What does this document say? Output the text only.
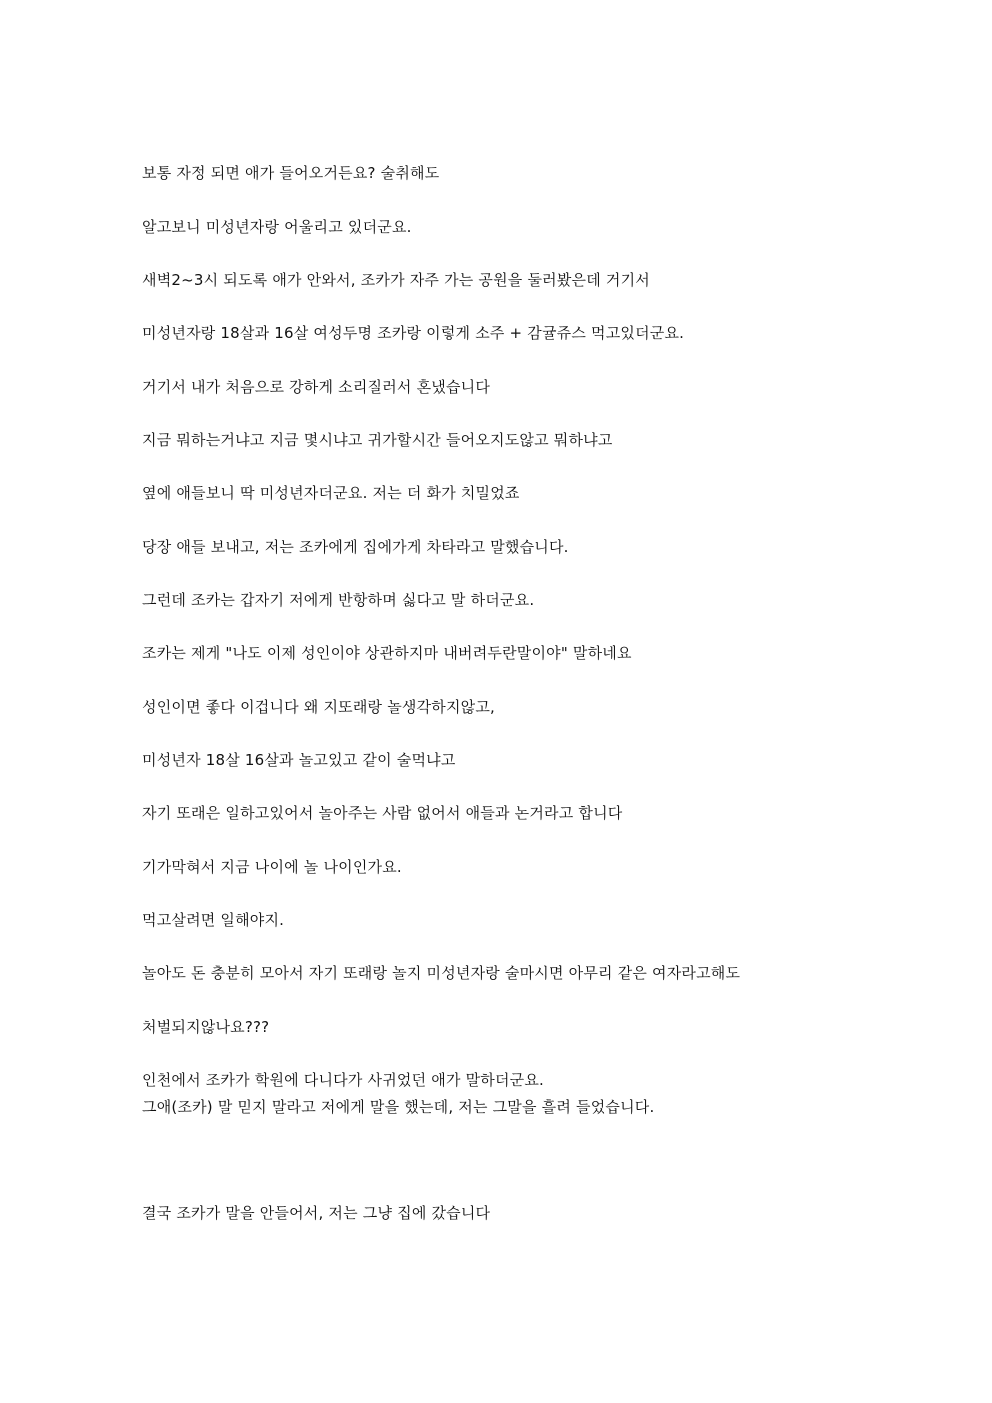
보통 자정 되면 애가 들어오거든요? 술취해도

알고보니 미성년자랑 어울리고 있더군요.

새벽2~3시 되도록 애가 안와서, 조카가 자주 가는 공원을 둘러봤은데 거기서

미성년자랑 18살과 16살 여성두명 조카랑 이렇게 소주 + 감귤쥬스 먹고있더군요.

거기서 내가 처음으로 강하게 소리질러서 혼냈습니다

지금 뭐하는거냐고 지금 몇시냐고 귀가할시간 들어오지도않고 뭐하냐고

옆에 애들보니 딱 미성년자더군요. 저는 더 화가 치밀었죠

당장 애들 보내고, 저는 조카에게 집에가게 차타라고 말했습니다.

그런데 조카는 갑자기 저에게 반항하며 싫다고 말 하더군요.

조카는 제게 "나도 이제 성인이야 상관하지마 내버려두란말이야" 말하네요

성인이면 좋다 이겁니다 왜 지또래랑 놀생각하지않고,

미성년자 18살 16살과 놀고있고 같이 술먹냐고

자기 또래은 일하고있어서 놀아주는 사람 없어서 애들과 논거라고 합니다

기가막혀서 지금 나이에 놀 나이인가요.

먹고살려면 일해야지.

놀아도 돈 충분히 모아서 자기 또래랑 놀지 미성년자랑 술마시면 아무리 같은 여자라고해도

처벌되지않나요???

인천에서 조카가 학원에 다니다가 사귀었던 애가 말하더군요.

그애(조카) 말 믿지 말라고 저에게 말을 했는데, 저는 그말을 흘려 들었습니다.

결국 조카가 말을 안들어서, 저는 그냥 집에 갔습니다
